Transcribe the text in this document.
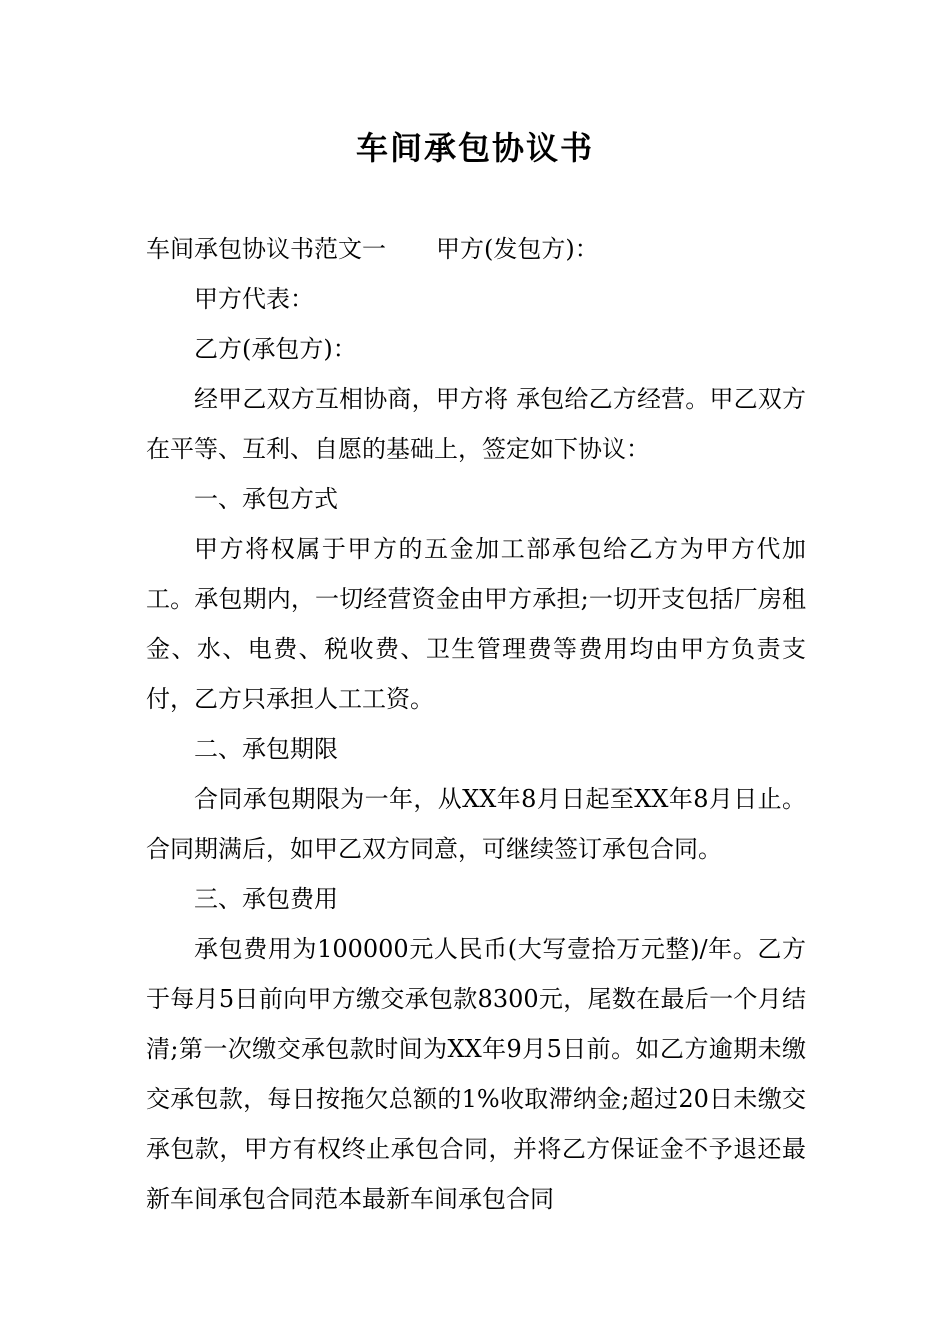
车间承包协议书

车间承包协议书范文一 甲方(发包方)：

甲方代表：

乙方(承包方)：

经甲乙双方互相协商，甲方将 承包给乙方经营。甲乙双方在平等、互利、自愿的基础上，签定如下协议：

一、承包方式

甲方将权属于甲方的五金加工部承包给乙方为甲方代加工。承包期内，一切经营资金由甲方承担;一切开支包括厂房租金、水、电费、税收费、卫生管理费等费用均由甲方负责支付，乙方只承担人工工资。

二、承包期限

合同承包期限为一年，从XX年8月日起至XX年8月日止。合同期满后，如甲乙双方同意，可继续签订承包合同。

三、承包费用

承包费用为100000元人民币(大写壹拾万元整)/年。乙方于每月5日前向甲方缴交承包款8300元，尾数在最后一个月结清;第一次缴交承包款时间为XX年9月5日前。如乙方逾期未缴交承包款，每日按拖欠总额的1%收取滞纳金;超过20日未缴交承包款，甲方有权终止承包合同，并将乙方保证金不予退还最新车间承包合同范本最新车间承包合同
